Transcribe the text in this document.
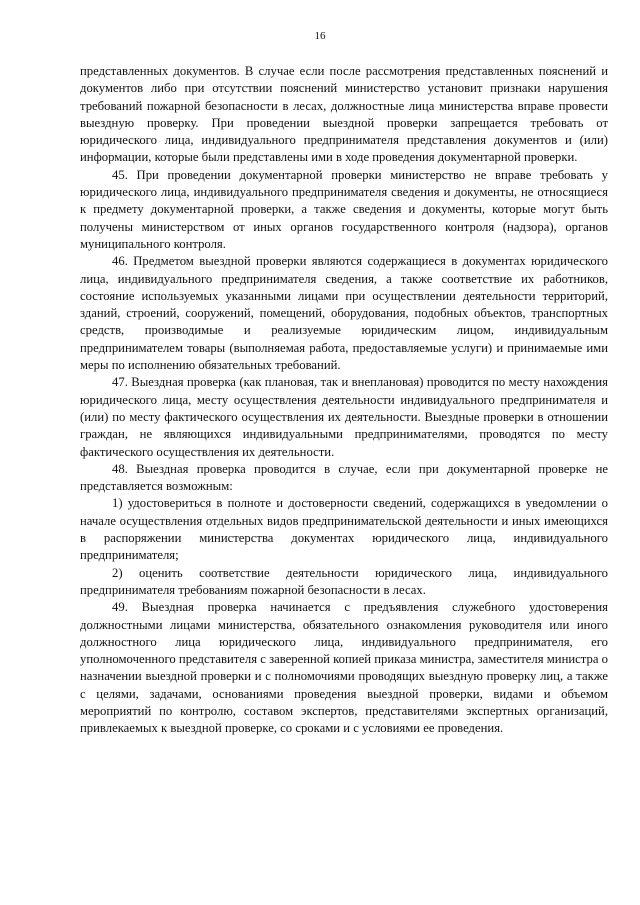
16

представленных документов. В случае если после рассмотрения представленных пояснений и документов либо при отсутствии пояснений министерство установит признаки нарушения требований пожарной безопасности в лесах, должностные лица министерства вправе провести выездную проверку. При проведении выездной проверки запрещается требовать от юридического лица, индивидуального предпринимателя представления документов и (или) информации, которые были представлены ими в ходе проведения документарной проверки.

45. При проведении документарной проверки министерство не вправе требовать у юридического лица, индивидуального предпринимателя сведения и документы, не относящиеся к предмету документарной проверки, а также сведения и документы, которые могут быть получены министерством от иных органов государственного контроля (надзора), органов муниципального контроля.

46. Предметом выездной проверки являются содержащиеся в документах юридического лица, индивидуального предпринимателя сведения, а также соответствие их работников, состояние используемых указанными лицами при осуществлении деятельности территорий, зданий, строений, сооружений, помещений, оборудования, подобных объектов, транспортных средств, производимые и реализуемые юридическим лицом, индивидуальным предпринимателем товары (выполняемая работа, предоставляемые услуги) и принимаемые ими меры по исполнению обязательных требований.

47. Выездная проверка (как плановая, так и внеплановая) проводится по месту нахождения юридического лица, месту осуществления деятельности индивидуального предпринимателя и (или) по месту фактического осуществления их деятельности. Выездные проверки в отношении граждан, не являющихся индивидуальными предпринимателями, проводятся по месту фактического осуществления их деятельности.

48. Выездная проверка проводится в случае, если при документарной проверке не представляется возможным:

1) удостовериться в полноте и достоверности сведений, содержащихся в уведомлении о начале осуществления отдельных видов предпринимательской деятельности и иных имеющихся в распоряжении министерства документах юридического лица, индивидуального предпринимателя;

2) оценить соответствие деятельности юридического лица, индивидуального предпринимателя требованиям пожарной безопасности в лесах.

49. Выездная проверка начинается с предъявления служебного удостоверения должностными лицами министерства, обязательного ознакомления руководителя или иного должностного лица юридического лица, индивидуального предпринимателя, его уполномоченного представителя с заверенной копией приказа министра, заместителя министра о назначении выездной проверки и с полномочиями проводящих выездную проверку лиц, а также с целями, задачами, основаниями проведения выездной проверки, видами и объемом мероприятий по контролю, составом экспертов, представителями экспертных организаций, привлекаемых к выездной проверке, со сроками и с условиями ее проведения.
